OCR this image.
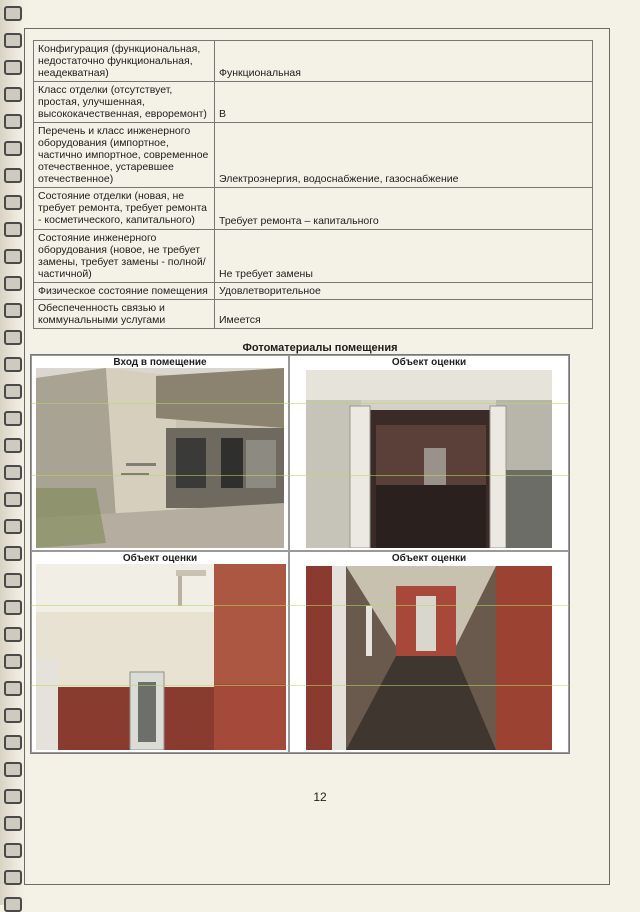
Конфигурация (функциональная, недостаточно функциональная, неадекватная)	Функциональная
Класс отделки (отсутствует, простая, улучшенная, высококачественная, евроремонт)	В
Перечень и класс инженерного оборудования (импортное, частично импортное, современное отечественное, устаревшее отечественное)	Электроэнергия, водоснабжение, газоснабжение
Состояние отделки (новая, не требует ремонта, требует ремонта - косметического, капитального)	Требует ремонта – капитального
Состояние инженерного оборудования (новое, не требует замены, требует замены - полной/частичной)	Не требует замены
Физическое состояние помещения	Удовлетворительное
Обеспеченность связью и коммунальными услугами	Имеется
Фотоматериалы помещения
Вход в помещение	Объект оценки
Объект оценки	Объект оценки
12
